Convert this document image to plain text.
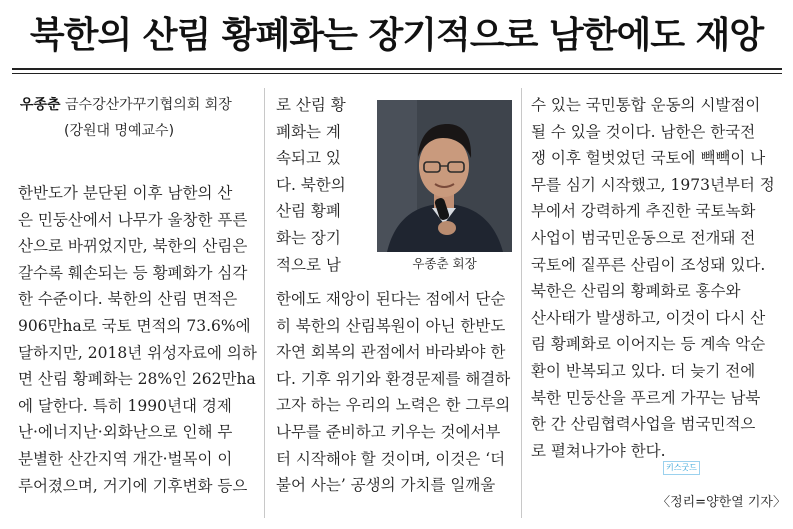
북한의 산림 황폐화는 장기적으로 남한에도 재앙
우종춘 금수강산가꾸기협의회 회장
(강원대 명예교수)
한반도가 분단된 이후 남한의 산
은 민둥산에서 나무가 울창한 푸른
산으로 바뀌었지만, 북한의 산림은
갈수록 훼손되는 등 황폐화가 심각
한 수준이다. 북한의 산림 면적은
906만ha로 국토 면적의 73.6%에
달하지만, 2018년 위성자료에 의하
면 산림 황폐화는 28%인 262만ha
에 달한다. 특히 1990년대 경제
난·에너지난·외화난으로 인해 무
분별한 산간지역 개간·벌목이 이
루어졌으며, 거기에 기후변화 등으
로 산림 황
폐화는 계
속되고 있
다. 북한의
산림 황폐
화는 장기
적으로 남	우종춘 회장
한에도 재앙이 된다는 점에서 단순
히 북한의 산림복원이 아닌 한반도
자연 회복의 관점에서 바라봐야 한
다. 기후 위기와 환경문제를 해결하
고자 하는 우리의 노력은 한 그루의
나무를 준비하고 키우는 것에서부
터 시작해야 할 것이며, 이것은 ‘더
불어 사는’ 공생의 가치를 일깨울
수 있는 국민통합 운동의 시발점이
될 수 있을 것이다. 남한은 한국전
쟁 이후 헐벗었던 국토에 빽빽이 나
무를 심기 시작했고, 1973년부터 정
부에서 강력하게 추진한 국토녹화
사업이 범국민운동으로 전개돼 전
국토에 짙푸른 산림이 조성돼 있다.
북한은 산림의 황폐화로 홍수와
산사태가 발생하고, 이것이 다시 산
림 황폐화로 이어지는 등 계속 악순
환이 반복되고 있다. 더 늦기 전에
북한 민둥산을 푸르게 가꾸는 남북
한 간 산림협력사업을 범국민적으
로 펼쳐나가야 한다.
키스굿드
〈정리=양한열 기자〉
